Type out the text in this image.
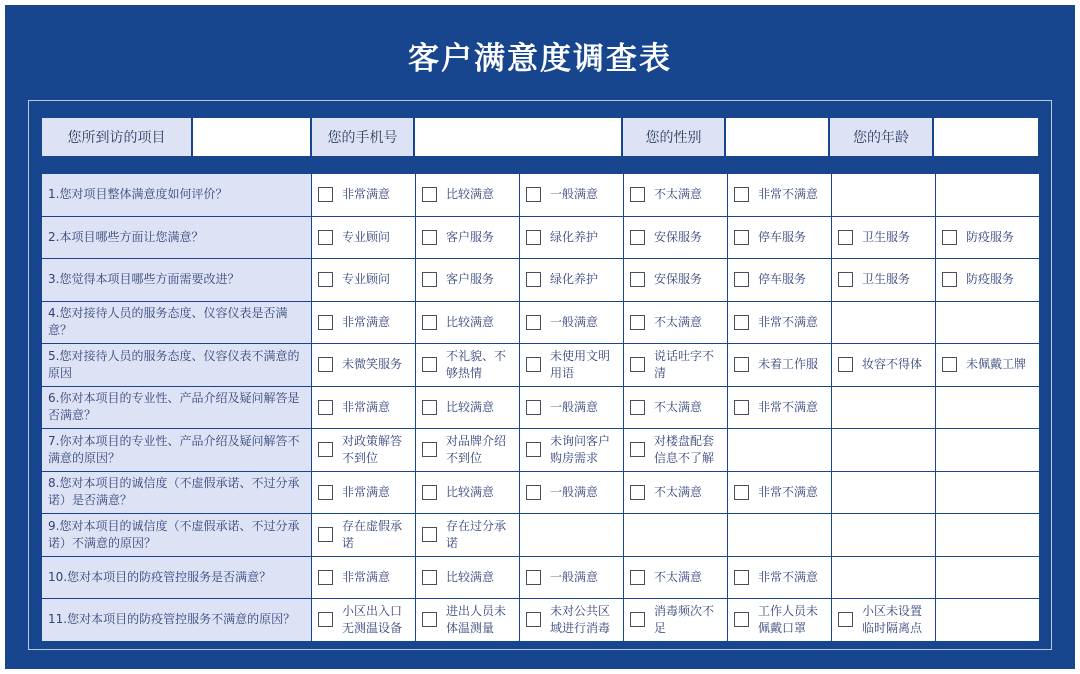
客户满意度调查表
您所到访的项目		您的手机号		您的性别		您的年龄	
1.您对项目整体满意度如何评价？	非常满意	比较满意	一般满意	不太满意	非常不满意		

2.本项目哪些方面让您满意？	专业顾问	客户服务	绿化养护	安保服务	停车服务	卫生服务	防疫服务

3.您觉得本项目哪些方面需要改进？	专业顾问	客户服务	绿化养护	安保服务	停车服务	卫生服务	防疫服务

4.您对接待人员的服务态度、仪容仪表是否满意？	非常满意	比较满意	一般满意	不太满意	非常不满意		

5.您对接待人员的服务态度、仪容仪表不满意的原因	未微笑服务	不礼貌、不够热情	未使用文明用语	说话吐字不清	未着工作服	妆容不得体	未佩戴工牌

6.你对本项目的专业性、产品介绍及疑问解答是否满意？	非常满意	比较满意	一般满意	不太满意	非常不满意		

7.你对本项目的专业性、产品介绍及疑问解答不满意的原因？	对政策解答不到位	对品牌介绍不到位	未询问客户购房需求	对楼盘配套信息不了解			

8.您对本项目的诚信度（不虚假承诺、不过分承诺）是否满意？	非常满意	比较满意	一般满意	不太满意	非常不满意		

9.您对本项目的诚信度（不虚假承诺、不过分承诺）不满意的原因？	存在虚假承诺	存在过分承诺					

10.您对本项目的防疫管控服务是否满意？	非常满意	比较满意	一般满意	不太满意	非常不满意		

11.您对本项目的防疫管控服务不满意的原因？	小区出入口无测温设备	进出人员未体温测量	未对公共区域进行消毒	消毒频次不足	工作人员未佩戴口罩	小区未设置临时隔离点	
